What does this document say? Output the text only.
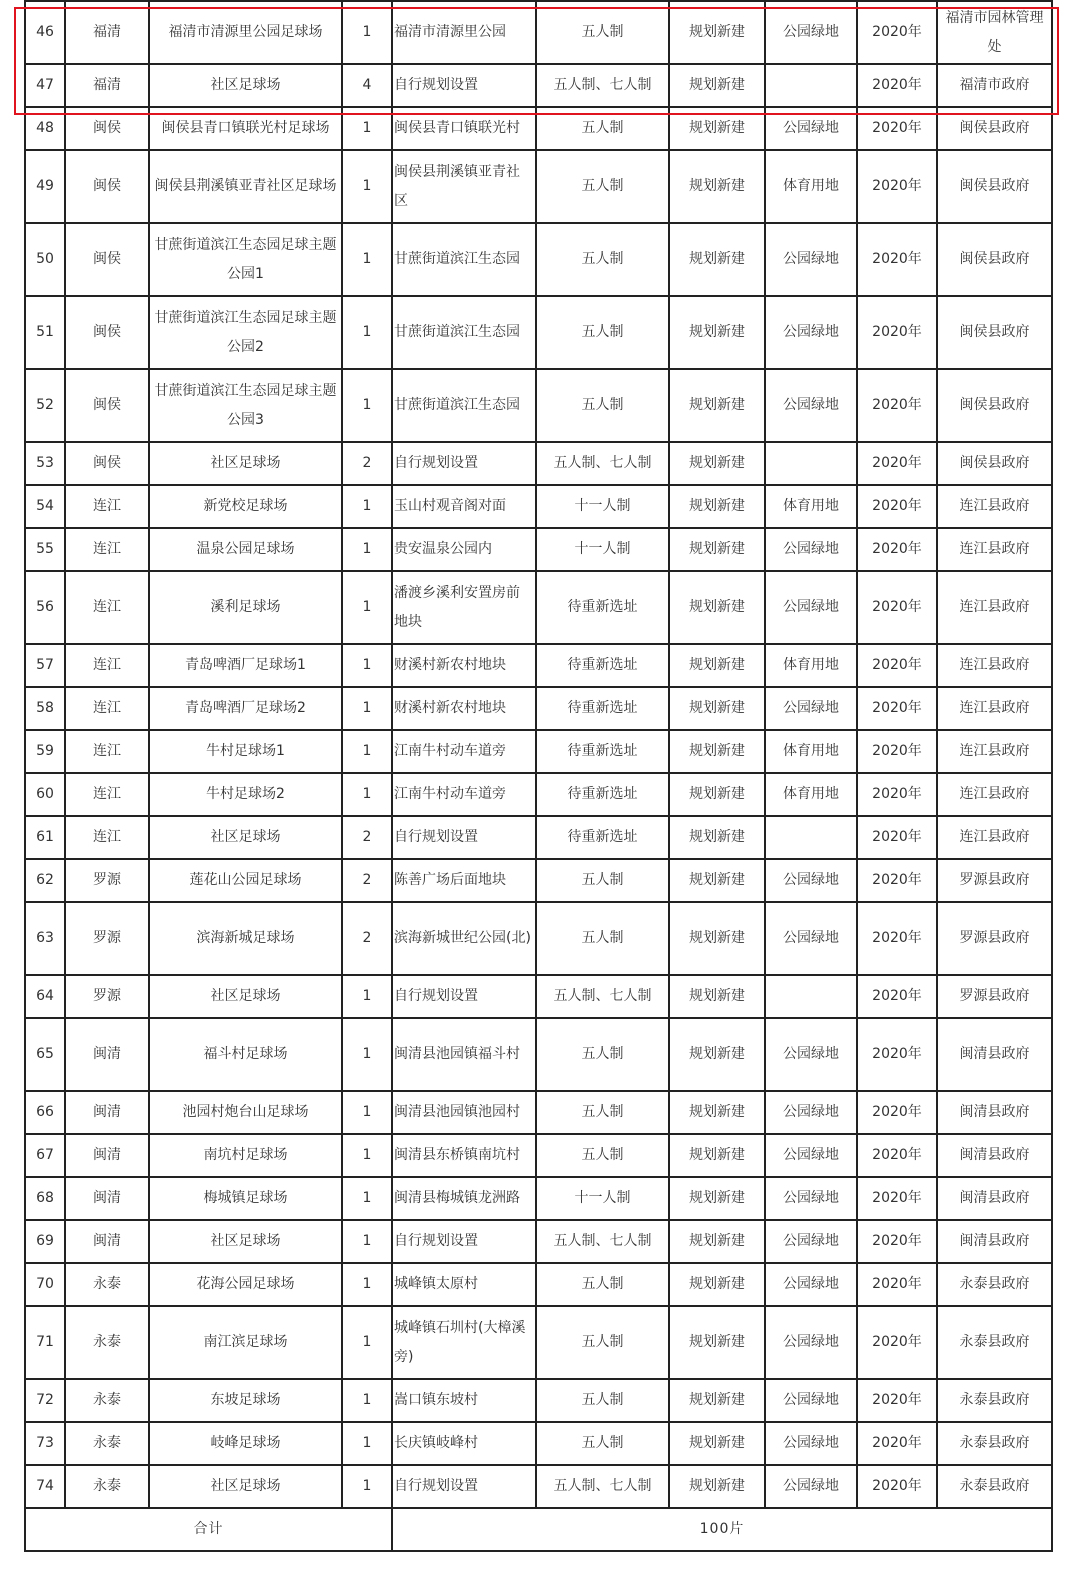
46	福清	福清市清源里公园足球场	1	福清市清源里公园	五人制	规划新建	公园绿地	2020年	福清市园林管理处
47	福清	社区足球场	4	自行规划设置	五人制、七人制	规划新建		2020年	福清市政府
48	闽侯	闽侯县青口镇联光村足球场	1	闽侯县青口镇联光村	五人制	规划新建	公园绿地	2020年	闽侯县政府
49	闽侯	闽侯县荆溪镇亚青社区足球场	1	闽侯县荆溪镇亚青社区	五人制	规划新建	体育用地	2020年	闽侯县政府
50	闽侯	甘蔗街道滨江生态园足球主题公园1	1	甘蔗街道滨江生态园	五人制	规划新建	公园绿地	2020年	闽侯县政府
51	闽侯	甘蔗街道滨江生态园足球主题公园2	1	甘蔗街道滨江生态园	五人制	规划新建	公园绿地	2020年	闽侯县政府
52	闽侯	甘蔗街道滨江生态园足球主题公园3	1	甘蔗街道滨江生态园	五人制	规划新建	公园绿地	2020年	闽侯县政府
53	闽侯	社区足球场	2	自行规划设置	五人制、七人制	规划新建		2020年	闽侯县政府
54	连江	新党校足球场	1	玉山村观音阁对面	十一人制	规划新建	体育用地	2020年	连江县政府
55	连江	温泉公园足球场	1	贵安温泉公园内	十一人制	规划新建	公园绿地	2020年	连江县政府
56	连江	溪利足球场	1	潘渡乡溪利安置房前地块	待重新选址	规划新建	公园绿地	2020年	连江县政府
57	连江	青岛啤酒厂足球场1	1	财溪村新农村地块	待重新选址	规划新建	体育用地	2020年	连江县政府
58	连江	青岛啤酒厂足球场2	1	财溪村新农村地块	待重新选址	规划新建	公园绿地	2020年	连江县政府
59	连江	牛村足球场1	1	江南牛村动车道旁	待重新选址	规划新建	体育用地	2020年	连江县政府
60	连江	牛村足球场2	1	江南牛村动车道旁	待重新选址	规划新建	体育用地	2020年	连江县政府
61	连江	社区足球场	2	自行规划设置	待重新选址	规划新建		2020年	连江县政府
62	罗源	莲花山公园足球场	2	陈善广场后面地块	五人制	规划新建	公园绿地	2020年	罗源县政府
63	罗源	滨海新城足球场	2	滨海新城世纪公园(北)	五人制	规划新建	公园绿地	2020年	罗源县政府
64	罗源	社区足球场	1	自行规划设置	五人制、七人制	规划新建		2020年	罗源县政府
65	闽清	福斗村足球场	1	闽清县池园镇福斗村	五人制	规划新建	公园绿地	2020年	闽清县政府
66	闽清	池园村炮台山足球场	1	闽清县池园镇池园村	五人制	规划新建	公园绿地	2020年	闽清县政府
67	闽清	南坑村足球场	1	闽清县东桥镇南坑村	五人制	规划新建	公园绿地	2020年	闽清县政府
68	闽清	梅城镇足球场	1	闽清县梅城镇龙洲路	十一人制	规划新建	公园绿地	2020年	闽清县政府
69	闽清	社区足球场	1	自行规划设置	五人制、七人制	规划新建	公园绿地	2020年	闽清县政府
70	永泰	花海公园足球场	1	城峰镇太原村	五人制	规划新建	公园绿地	2020年	永泰县政府
71	永泰	南江滨足球场	1	城峰镇石圳村(大樟溪旁)	五人制	规划新建	公园绿地	2020年	永泰县政府
72	永泰	东坡足球场	1	嵩口镇东坡村	五人制	规划新建	公园绿地	2020年	永泰县政府
73	永泰	岐峰足球场	1	长庆镇岐峰村	五人制	规划新建	公园绿地	2020年	永泰县政府
74	永泰	社区足球场	1	自行规划设置	五人制、七人制	规划新建	公园绿地	2020年	永泰县政府
合计				100片					
